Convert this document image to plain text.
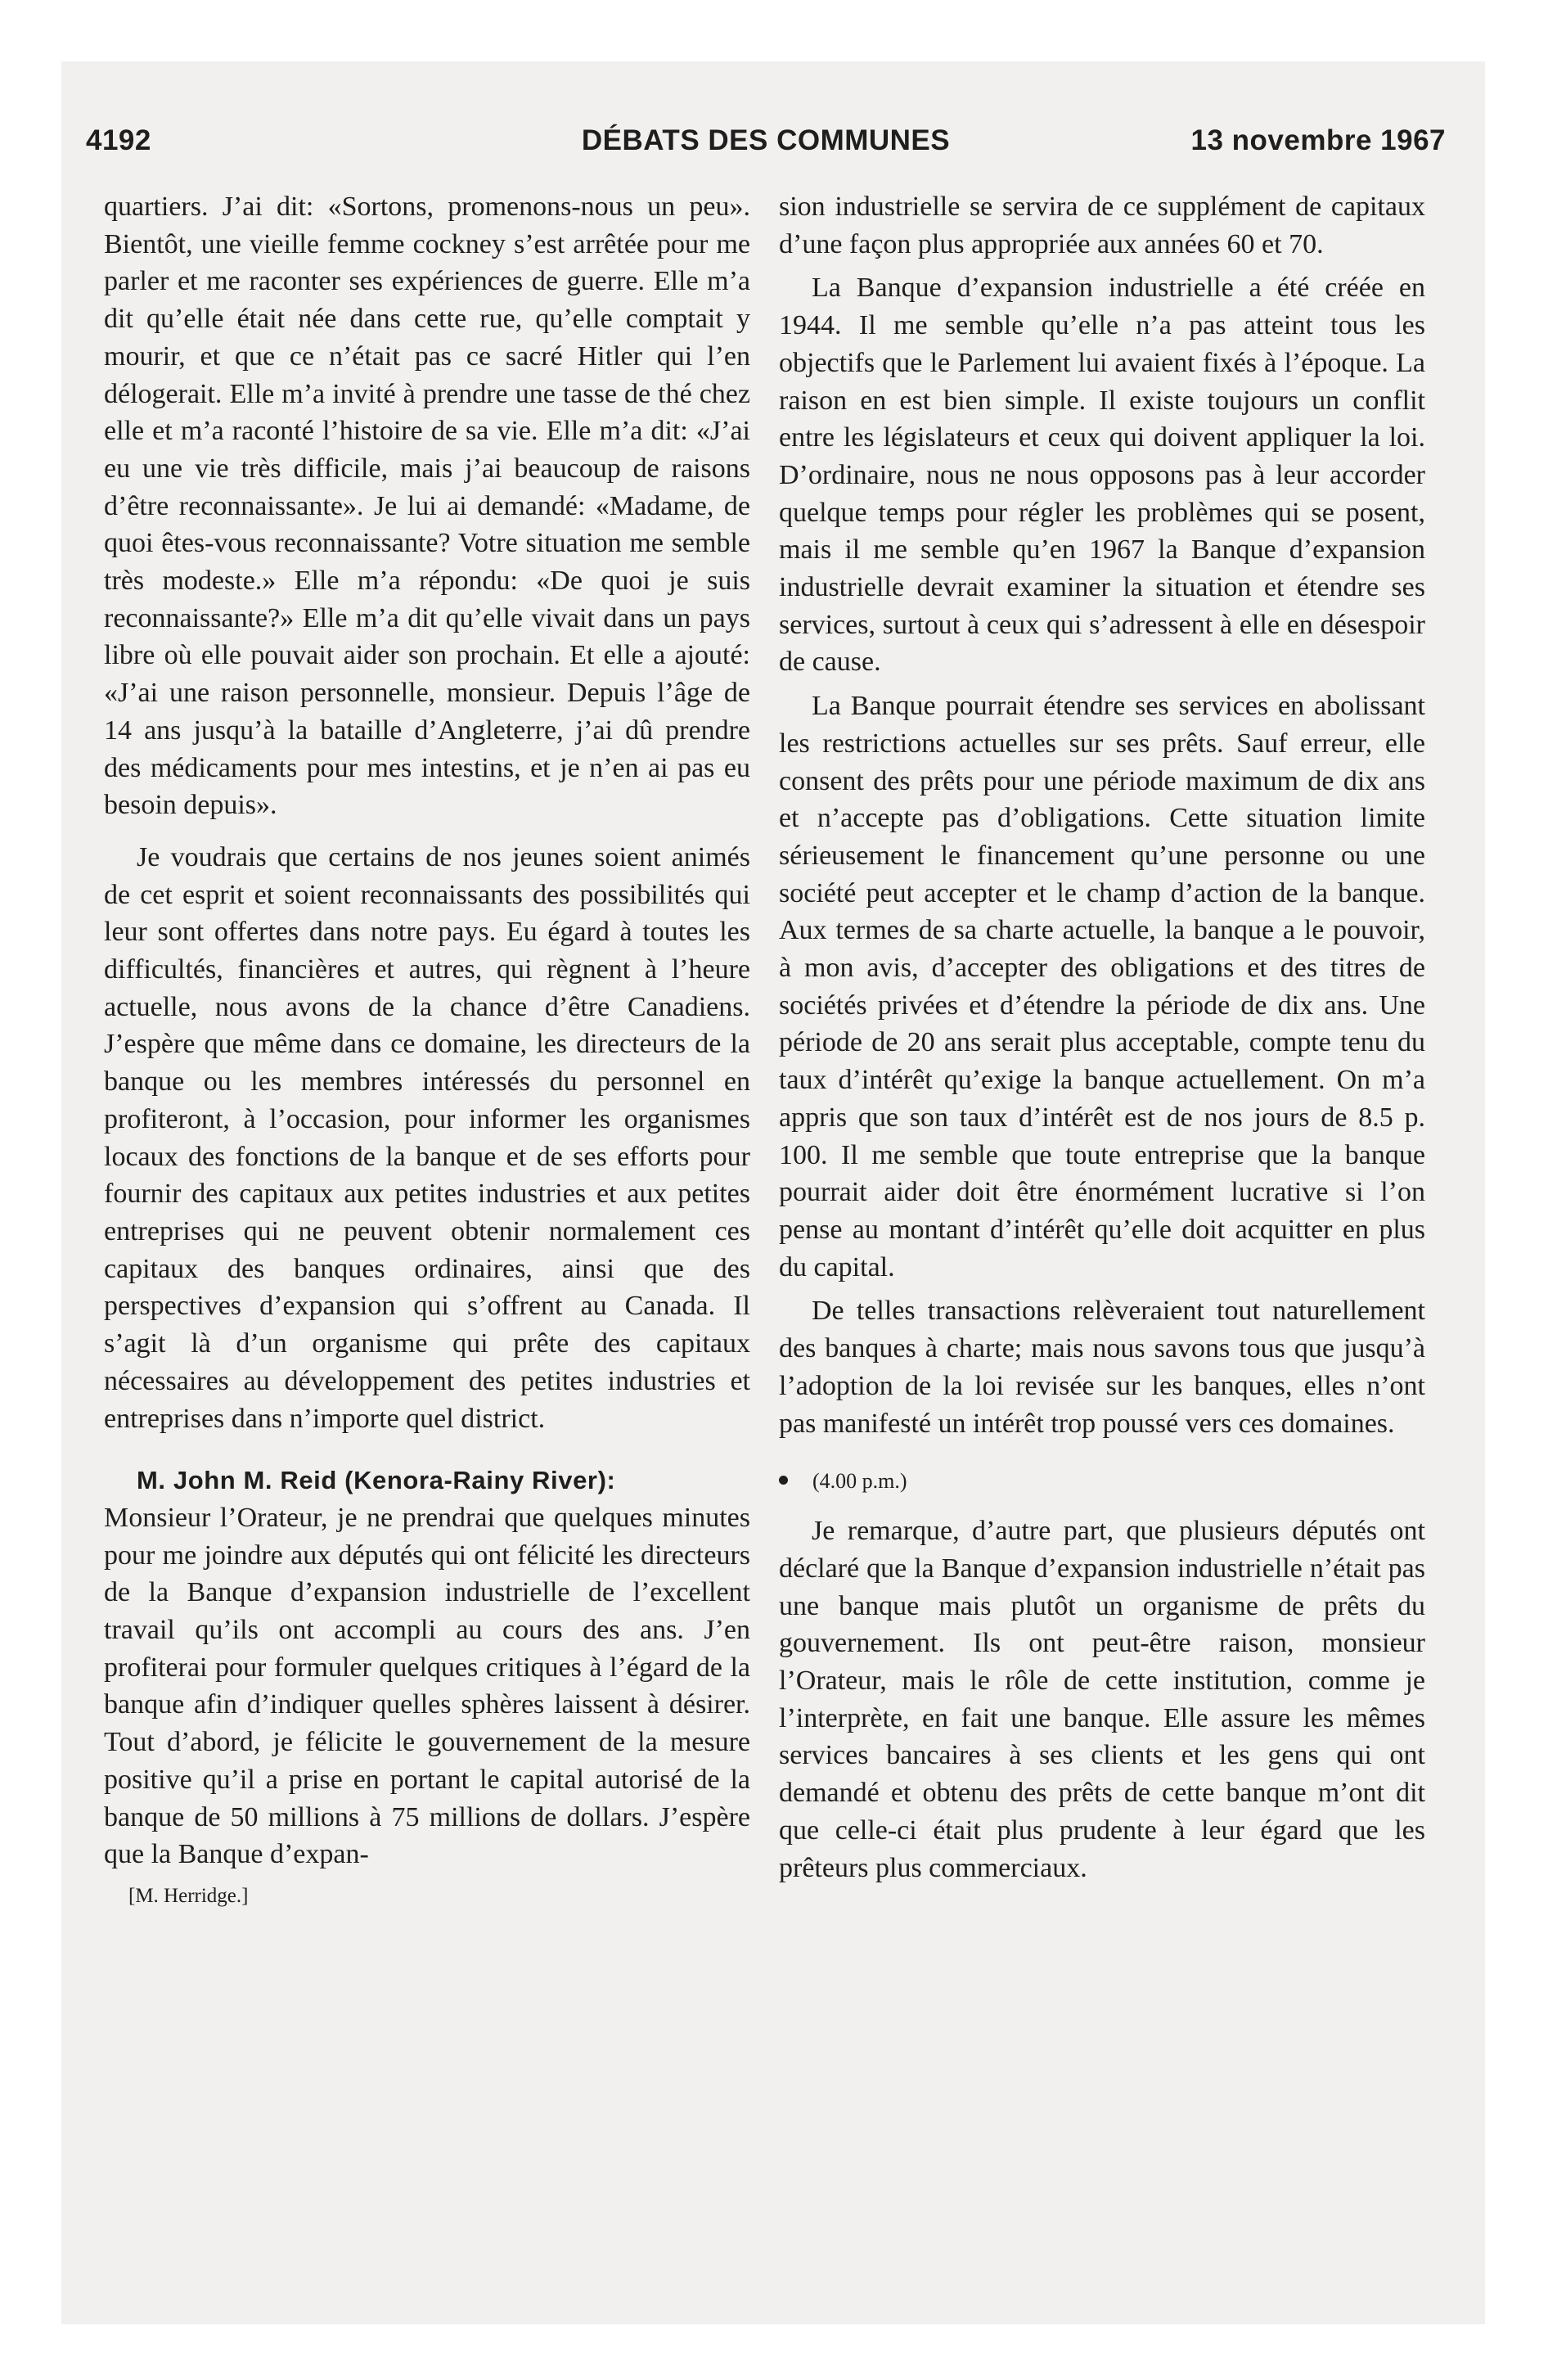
4192	DÉBATS DES COMMUNES	13 novembre 1967

quartiers. J’ai dit: «Sortons, promenons-nous un peu». Bientôt, une vieille femme cockney s’est arrêtée pour me parler et me raconter ses expériences de guerre. Elle m’a dit qu’elle était née dans cette rue, qu’elle comptait y mourir, et que ce n’était pas ce sacré Hitler qui l’en délogerait. Elle m’a invité à prendre une tasse de thé chez elle et m’a raconté l’histoire de sa vie. Elle m’a dit: «J’ai eu une vie très difficile, mais j’ai beaucoup de raisons d’être reconnaissante». Je lui ai demandé: «Madame, de quoi êtes-vous reconnaissante? Votre situation me semble très modeste.» Elle m’a répondu: «De quoi je suis reconnaissante?» Elle m’a dit qu’elle vivait dans un pays libre où elle pouvait aider son prochain. Et elle a ajouté: «J’ai une raison personnelle, monsieur. Depuis l’âge de 14 ans jusqu’à la bataille d’Angleterre, j’ai dû prendre des médicaments pour mes intestins, et je n’en ai pas eu besoin depuis».

Je voudrais que certains de nos jeunes soient animés de cet esprit et soient reconnaissants des possibilités qui leur sont offertes dans notre pays. Eu égard à toutes les difficultés, financières et autres, qui règnent à l’heure actuelle, nous avons de la chance d’être Canadiens. J’espère que même dans ce domaine, les directeurs de la banque ou les membres intéressés du personnel en profiteront, à l’occasion, pour informer les organismes locaux des fonctions de la banque et de ses efforts pour fournir des capitaux aux petites industries et aux petites entreprises qui ne peuvent obtenir normalement ces capitaux des banques ordinaires, ainsi que des perspectives d’expansion qui s’offrent au Canada. Il s’agit là d’un organisme qui prête des capitaux nécessaires au développement des petites industries et entreprises dans n’importe quel district.

M. John M. Reid (Kenora-Rainy River):

Monsieur l’Orateur, je ne prendrai que quelques minutes pour me joindre aux députés qui ont félicité les directeurs de la Banque d’expansion industrielle de l’excellent travail qu’ils ont accompli au cours des ans. J’en profiterai pour formuler quelques critiques à l’égard de la banque afin d’indiquer quelles sphères laissent à désirer. Tout d’abord, je félicite le gouvernement de la mesure positive qu’il a prise en portant le capital autorisé de la banque de 50 millions à 75 millions de dollars. J’espère que la Banque d’expan-

[M. Herridge.]

sion industrielle se servira de ce supplément de capitaux d’une façon plus appropriée aux années 60 et 70.

La Banque d’expansion industrielle a été créée en 1944. Il me semble qu’elle n’a pas atteint tous les objectifs que le Parlement lui avaient fixés à l’époque. La raison en est bien simple. Il existe toujours un conflit entre les législateurs et ceux qui doivent appliquer la loi. D’ordinaire, nous ne nous opposons pas à leur accorder quelque temps pour régler les problèmes qui se posent, mais il me semble qu’en 1967 la Banque d’expansion industrielle devrait examiner la situation et étendre ses services, surtout à ceux qui s’adressent à elle en désespoir de cause.

La Banque pourrait étendre ses services en abolissant les restrictions actuelles sur ses prêts. Sauf erreur, elle consent des prêts pour une période maximum de dix ans et n’accepte pas d’obligations. Cette situation limite sérieusement le financement qu’une personne ou une société peut accepter et le champ d’action de la banque. Aux termes de sa charte actuelle, la banque a le pouvoir, à mon avis, d’accepter des obligations et des titres de sociétés privées et d’étendre la période de dix ans. Une période de 20 ans serait plus acceptable, compte tenu du taux d’intérêt qu’exige la banque actuellement. On m’a appris que son taux d’intérêt est de nos jours de 8.5 p. 100. Il me semble que toute entreprise que la banque pourrait aider doit être énormément lucrative si l’on pense au montant d’intérêt qu’elle doit acquitter en plus du capital.

De telles transactions relèveraient tout naturellement des banques à charte; mais nous savons tous que jusqu’à l’adoption de la loi revisée sur les banques, elles n’ont pas manifesté un intérêt trop poussé vers ces domaines.

(4.00 p.m.)

Je remarque, d’autre part, que plusieurs députés ont déclaré que la Banque d’expansion industrielle n’était pas une banque mais plutôt un organisme de prêts du gouvernement. Ils ont peut-être raison, monsieur l’Orateur, mais le rôle de cette institution, comme je l’interprète, en fait une banque. Elle assure les mêmes services bancaires à ses clients et les gens qui ont demandé et obtenu des prêts de cette banque m’ont dit que celle-ci était plus prudente à leur égard que les prêteurs plus commerciaux.
